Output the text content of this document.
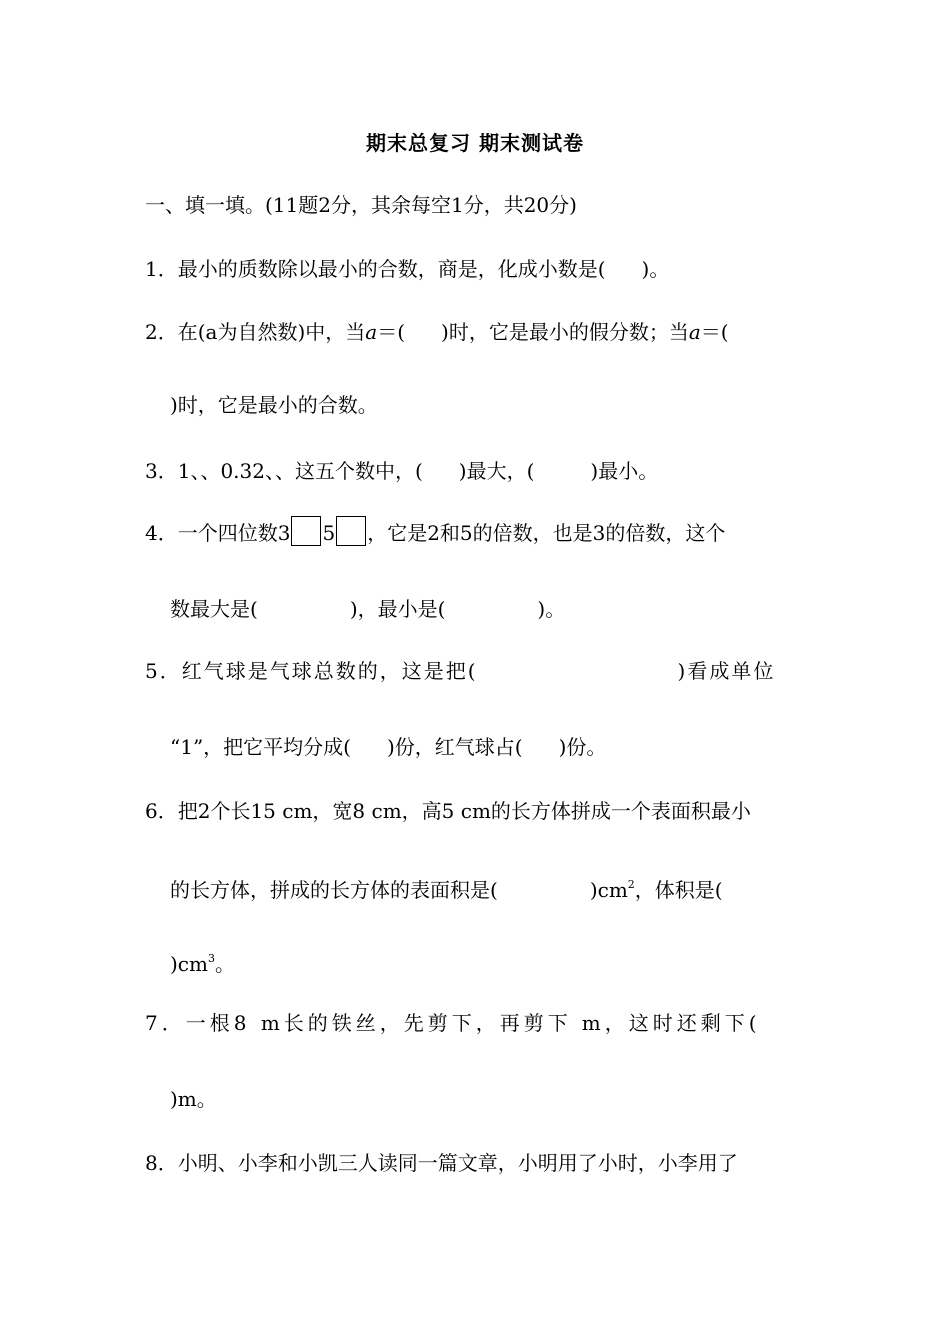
期末总复习 期末测试卷
一、填一填。(11题2分，其余每空1分，共20分)
1．最小的质数除以最小的合数，商是，化成小数是( )。
2．在(a为自然数)中，当a＝( )时，它是最小的假分数；当a＝(
)时，它是最小的合数。
3．1、、0.32、、这五个数中，( )最大，(	)最小。
4．一个四位数3 5 ，它是2和5的倍数，也是3的倍数，这个
数最大是(	)，最小是(	)。
5．红气球是气球总数的，这是把(	)看成单位
“1”，把它平均分成( )份，红气球占( )份。
6．把2个长15 cm，宽8 cm，高5 cm的长方体拼成一个表面积最小
的长方体，拼成的长方体的表面积是(	)$cm^2$，体积是(
)$cm^3$。
7．一根8 m长的铁丝，先剪下，再剪下 m，这时还剩下(
)m。
8．小明、小李和小凯三人读同一篇文章，小明用了小时，小李用了
